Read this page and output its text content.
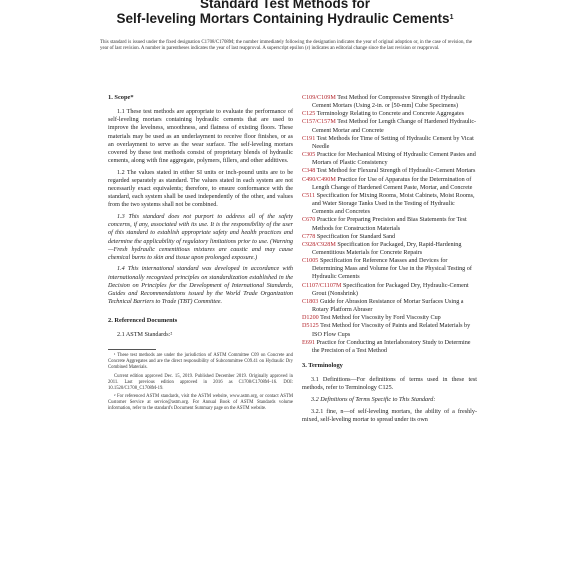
Standard Test Methods for
Self-leveling Mortars Containing Hydraulic Cements$^1$
This standard is issued under the fixed designation C1708/C1708M; the number immediately following the designation indicates the year of original adoption or, in the case of revision, the year of last revision. A number in parentheses indicates the year of last reapproval. A superscript epsilon (ε) indicates an editorial change since the last revision or reapproval.
1. Scope*

1.1 These test methods are appropriate to evaluate the performance of self-leveling mortars containing hydraulic cements that are used to improve the levelness, smoothness, and flatness of existing floors. These materials may be used as an underlayment to receive floor finishes, or as an overlayment to serve as the wear surface. The self-leveling mortars covered by these test methods consist of proprietary blends of hydraulic cements, along with fine aggregate, polymers, fillers, and other additives.

1.2 The values stated in either SI units or inch-pound units are to be regarded separately as standard. The values stated in each system are not necessarily exact equivalents; therefore, to ensure conformance with the standard, each system shall be used independently of the other, and values from the two systems shall not be combined.

1.3 This standard does not purport to address all of the safety concerns, if any, associated with its use. It is the responsibility of the user of this standard to establish appropriate safety and health practices and determine the applicability of regulatory limitations prior to use. (Warning—Fresh hydraulic cementitious mixtures are caustic and may cause chemical burns to skin and tissue upon prolonged exposure.)

1.4 This international standard was developed in accordance with internationally recognized principles on standardization established in the Decision on Principles for the Development of International Standards, Guides and Recommendations issued by the World Trade Organization Technical Barriers to Trade (TBT) Committee.

2. Referenced Documents

2.1 ASTM Standards:²

¹ These test methods are under the jurisdiction of ASTM Committee C09 on Concrete and Concrete Aggregates and are the direct responsibility of Subcommittee C09.41 on Hydraulic Dry Combined Materials.

Current edition approved Dec. 15, 2019. Published December 2019. Originally approved in 2011. Last previous edition approved in 2016 as C1708/C1708M–16. DOI: 10.1520/C1708_C1708M-19.

² For referenced ASTM standards, visit the ASTM website, www.astm.org, or contact ASTM Customer Service at service@astm.org. For Annual Book of ASTM Standards volume information, refer to the standard's Document Summary page on the ASTM website.

C109/C109M Test Method for Compressive Strength of Hydraulic Cement Mortars (Using 2-in. or [50-mm] Cube Specimens)

C125 Terminology Relating to Concrete and Concrete Aggregates

C157/C157M Test Method for Length Change of Hardened Hydraulic-Cement Mortar and Concrete

C191 Test Methods for Time of Setting of Hydraulic Cement by Vicat Needle

C305 Practice for Mechanical Mixing of Hydraulic Cement Pastes and Mortars of Plastic Consistency

C348 Test Method for Flexural Strength of Hydraulic-Cement Mortars

C490/C490M Practice for Use of Apparatus for the Determination of Length Change of Hardened Cement Paste, Mortar, and Concrete

C511 Specification for Mixing Rooms, Moist Cabinets, Moist Rooms, and Water Storage Tanks Used in the Testing of Hydraulic Cements and Concretes

C670 Practice for Preparing Precision and Bias Statements for Test Methods for Construction Materials

C778 Specification for Standard Sand

C928/C928M Specification for Packaged, Dry, Rapid-Hardening Cementitious Materials for Concrete Repairs

C1005 Specification for Reference Masses and Devices for Determining Mass and Volume for Use in the Physical Testing of Hydraulic Cements

C1107/C1107M Specification for Packaged Dry, Hydraulic-Cement Grout (Nonshrink)

C1803 Guide for Abrasion Resistance of Mortar Surfaces Using a Rotary Platform Abraser

D1200 Test Method for Viscosity by Ford Viscosity Cup

D5125 Test Method for Viscosity of Paints and Related Materials by ISO Flow Cups

E691 Practice for Conducting an Interlaboratory Study to Determine the Precision of a Test Method

3. Terminology

3.1 Definitions—For definitions of terms used in these test methods, refer to Terminology C125.

3.2 Definitions of Terms Specific to This Standard:

3.2.1 fine, n—of self-leveling mortars, the ability of a freshly-mixed, self-leveling mortar to spread under its own
